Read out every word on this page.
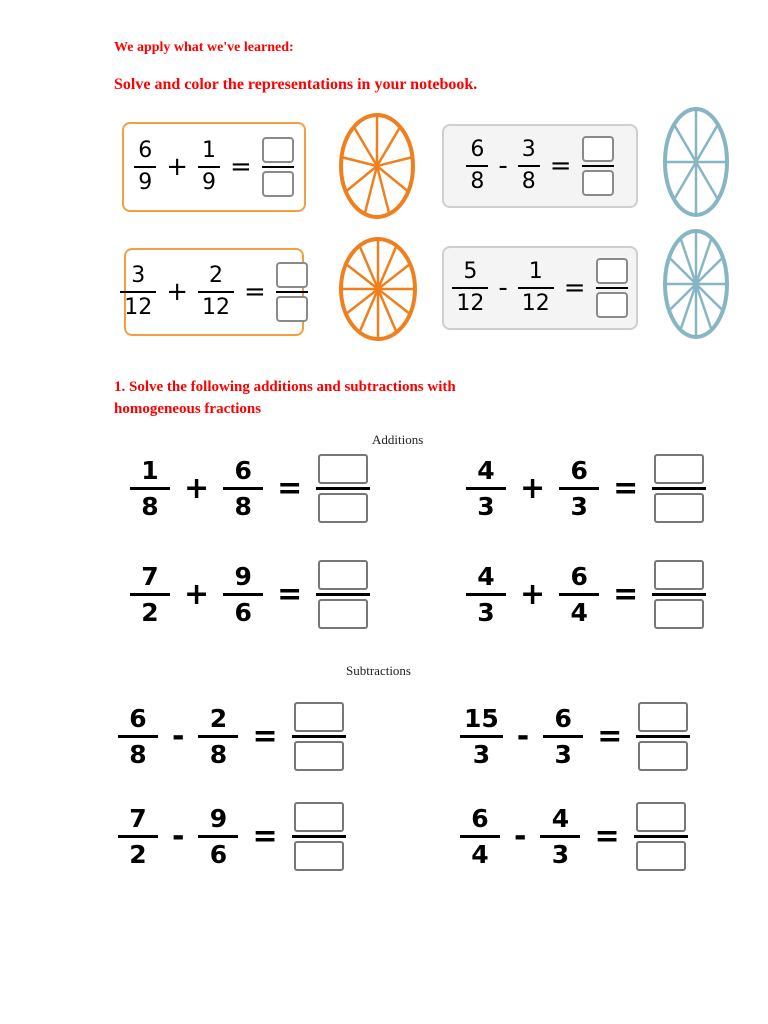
We apply what we've learned:
Solve and color the representations in your notebook.
$\frac{6}{9} + \frac{1}{9}$ =	$\frac{6}{8} - \frac{3}{8}$ =
$\frac{3}{12} + \frac{2}{12}$ =	$\frac{5}{12} - \frac{1}{12}$ =
1. Solve the following additions and subtractions with homogeneous fractions
Additions
$\frac{1}{8} + \frac{6}{8}$ =	$\frac{4}{3} + \frac{6}{3}$ =
$\frac{7}{2} + \frac{9}{6}$ =	$\frac{4}{3} + \frac{6}{4}$ =
Subtractions
$\frac{6}{8} - \frac{2}{8}$ =	$\frac{15}{3} - \frac{6}{3}$ =
$\frac{7}{2} - \frac{9}{6}$ =	$\frac{6}{4} - \frac{4}{3}$ =
